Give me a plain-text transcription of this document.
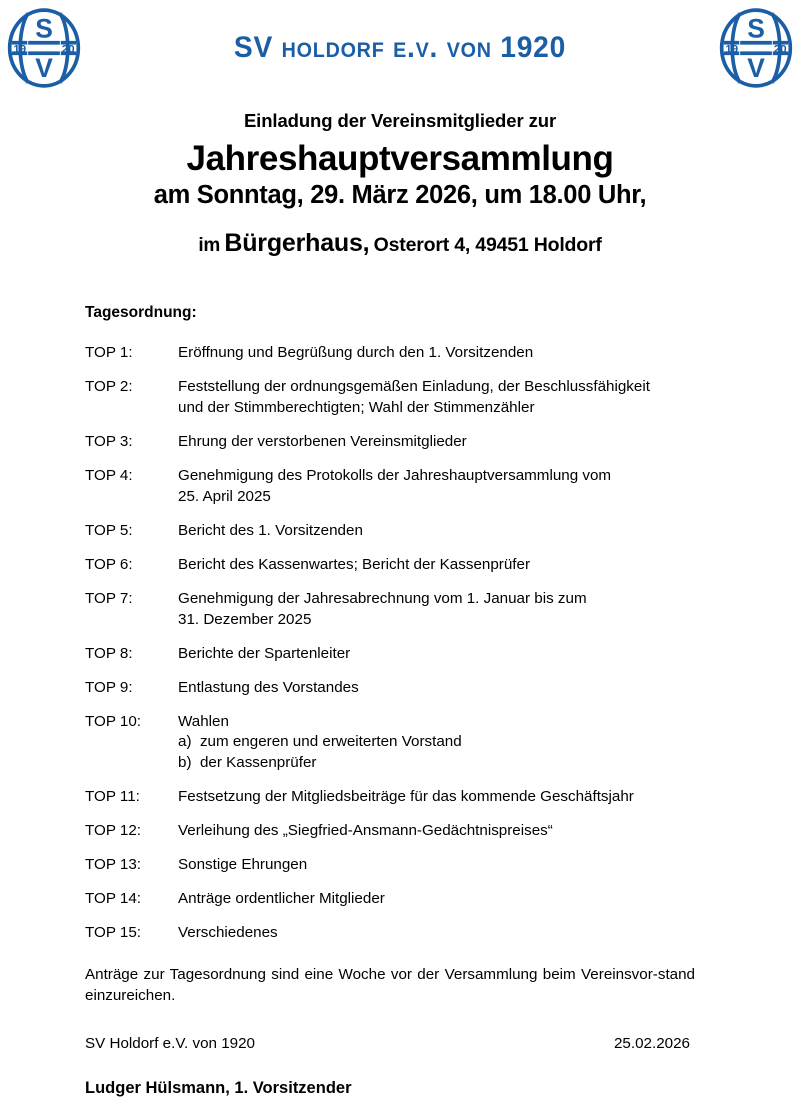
S
V
19	20	SV holdorf e.v. von 1920
S
V
19	20
Einladung der Vereinsmitglieder zur
Jahreshauptversammlung
am Sonntag, 29. März 2026, um 18.00 Uhr,
im Bürgerhaus, Osterort 4, 49451 Holdorf
Tagesordnung:
TOP 1:	Eröffnung und Begrüßung durch den 1. Vorsitzenden
TOP 2:	Feststellung der ordnungsgemäßen Einladung, der Beschlussfähigkeit
und der Stimmberechtigten; Wahl der Stimmenzähler
TOP 3:	Ehrung der verstorbenen Vereinsmitglieder
TOP 4:	Genehmigung des Protokolls der Jahreshauptversammlung vom
25. April 2025
TOP 5:	Bericht des 1. Vorsitzenden
TOP 6:	Bericht des Kassenwartes; Bericht der Kassenprüfer
TOP 7:	Genehmigung der Jahresabrechnung vom 1. Januar bis zum
31. Dezember 2025
TOP 8:	Berichte der Spartenleiter
TOP 9:	Entlastung des Vorstandes
TOP 10:	Wahlen
a)  zum engeren und erweiterten Vorstand
b)  der Kassenprüfer
TOP 11:	Festsetzung der Mitgliedsbeiträge für das kommende Geschäftsjahr
TOP 12:	Verleihung des „Siegfried-Ansmann-Gedächtnispreises“
TOP 13:	Sonstige Ehrungen
TOP 14:	Anträge ordentlicher Mitglieder
TOP 15:	Verschiedenes
Anträge zur Tagesordnung sind eine Woche vor der Versammlung beim Vereinsvor-stand einzureichen.
SV Holdorf e.V. von 1920	25.02.2026
Ludger Hülsmann, 1. Vorsitzender
